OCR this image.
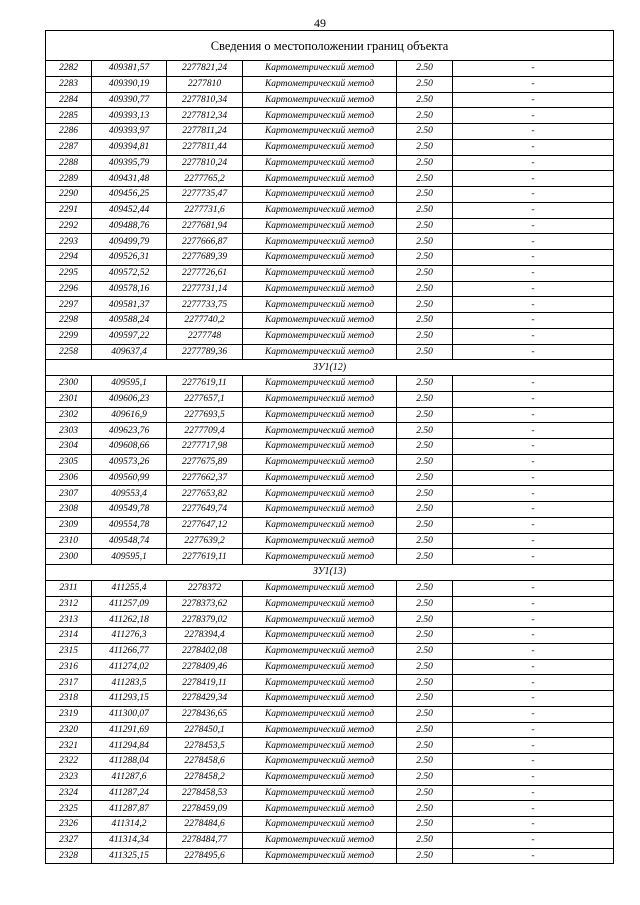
49
Сведения о местоположении границ объекта					
2282	409381,57	2277821,24	Картометрический метод	2.50	-
2283	409390,19	2277810	Картометрический метод	2.50	-
2284	409390,77	2277810,34	Картометрический метод	2.50	-
2285	409393,13	2277812,34	Картометрический метод	2.50	-
2286	409393,97	2277811,24	Картометрический метод	2.50	-
2287	409394,81	2277811,44	Картометрический метод	2.50	-
2288	409395,79	2277810,24	Картометрический метод	2.50	-
2289	409431,48	2277765,2	Картометрический метод	2.50	-
2290	409456,25	2277735,47	Картометрический метод	2.50	-
2291	409452,44	2277731,6	Картометрический метод	2.50	-
2292	409488,76	2277681,94	Картометрический метод	2.50	-
2293	409499,79	2277666,87	Картометрический метод	2.50	-
2294	409526,31	2277689,39	Картометрический метод	2.50	-
2295	409572,52	2277726,61	Картометрический метод	2.50	-
2296	409578,16	2277731,14	Картометрический метод	2.50	-
2297	409581,37	2277733,75	Картометрический метод	2.50	-
2298	409588,24	2277740,2	Картометрический метод	2.50	-
2299	409597,22	2277748	Картометрический метод	2.50	-
2258	409637,4	2277789,36	Картометрический метод	2.50	-
ЗУ1(12)					
2300	409595,1	2277619,11	Картометрический метод	2.50	-
2301	409606,23	2277657,1	Картометрический метод	2.50	-
2302	409616,9	2277693,5	Картометрический метод	2.50	-
2303	409623,76	2277709,4	Картометрический метод	2.50	-
2304	409608,66	2277717,98	Картометрический метод	2.50	-
2305	409573,26	2277675,89	Картометрический метод	2.50	-
2306	409560,99	2277662,37	Картометрический метод	2.50	-
2307	409553,4	2277653,82	Картометрический метод	2.50	-
2308	409549,78	2277649,74	Картометрический метод	2.50	-
2309	409554,78	2277647,12	Картометрический метод	2.50	-
2310	409548,74	2277639,2	Картометрический метод	2.50	-
2300	409595,1	2277619,11	Картометрический метод	2.50	-
ЗУ1(13)					
2311	411255,4	2278372	Картометрический метод	2.50	-
2312	411257,09	2278373,62	Картометрический метод	2.50	-
2313	411262,18	2278379,02	Картометрический метод	2.50	-
2314	411276,3	2278394,4	Картометрический метод	2.50	-
2315	411266,77	2278402,08	Картометрический метод	2.50	-
2316	411274,02	2278409,46	Картометрический метод	2.50	-
2317	411283,5	2278419,11	Картометрический метод	2.50	-
2318	411293,15	2278429,34	Картометрический метод	2.50	-
2319	411300,07	2278436,65	Картометрический метод	2.50	-
2320	411291,69	2278450,1	Картометрический метод	2.50	-
2321	411294,84	2278453,5	Картометрический метод	2.50	-
2322	411288,04	2278458,6	Картометрический метод	2.50	-
2323	411287,6	2278458,2	Картометрический метод	2.50	-
2324	411287,24	2278458,53	Картометрический метод	2.50	-
2325	411287,87	2278459,09	Картометрический метод	2.50	-
2326	411314,2	2278484,6	Картометрический метод	2.50	-
2327	411314,34	2278484,77	Картометрический метод	2.50	-
2328	411325,15	2278495,6	Картометрический метод	2.50	-
